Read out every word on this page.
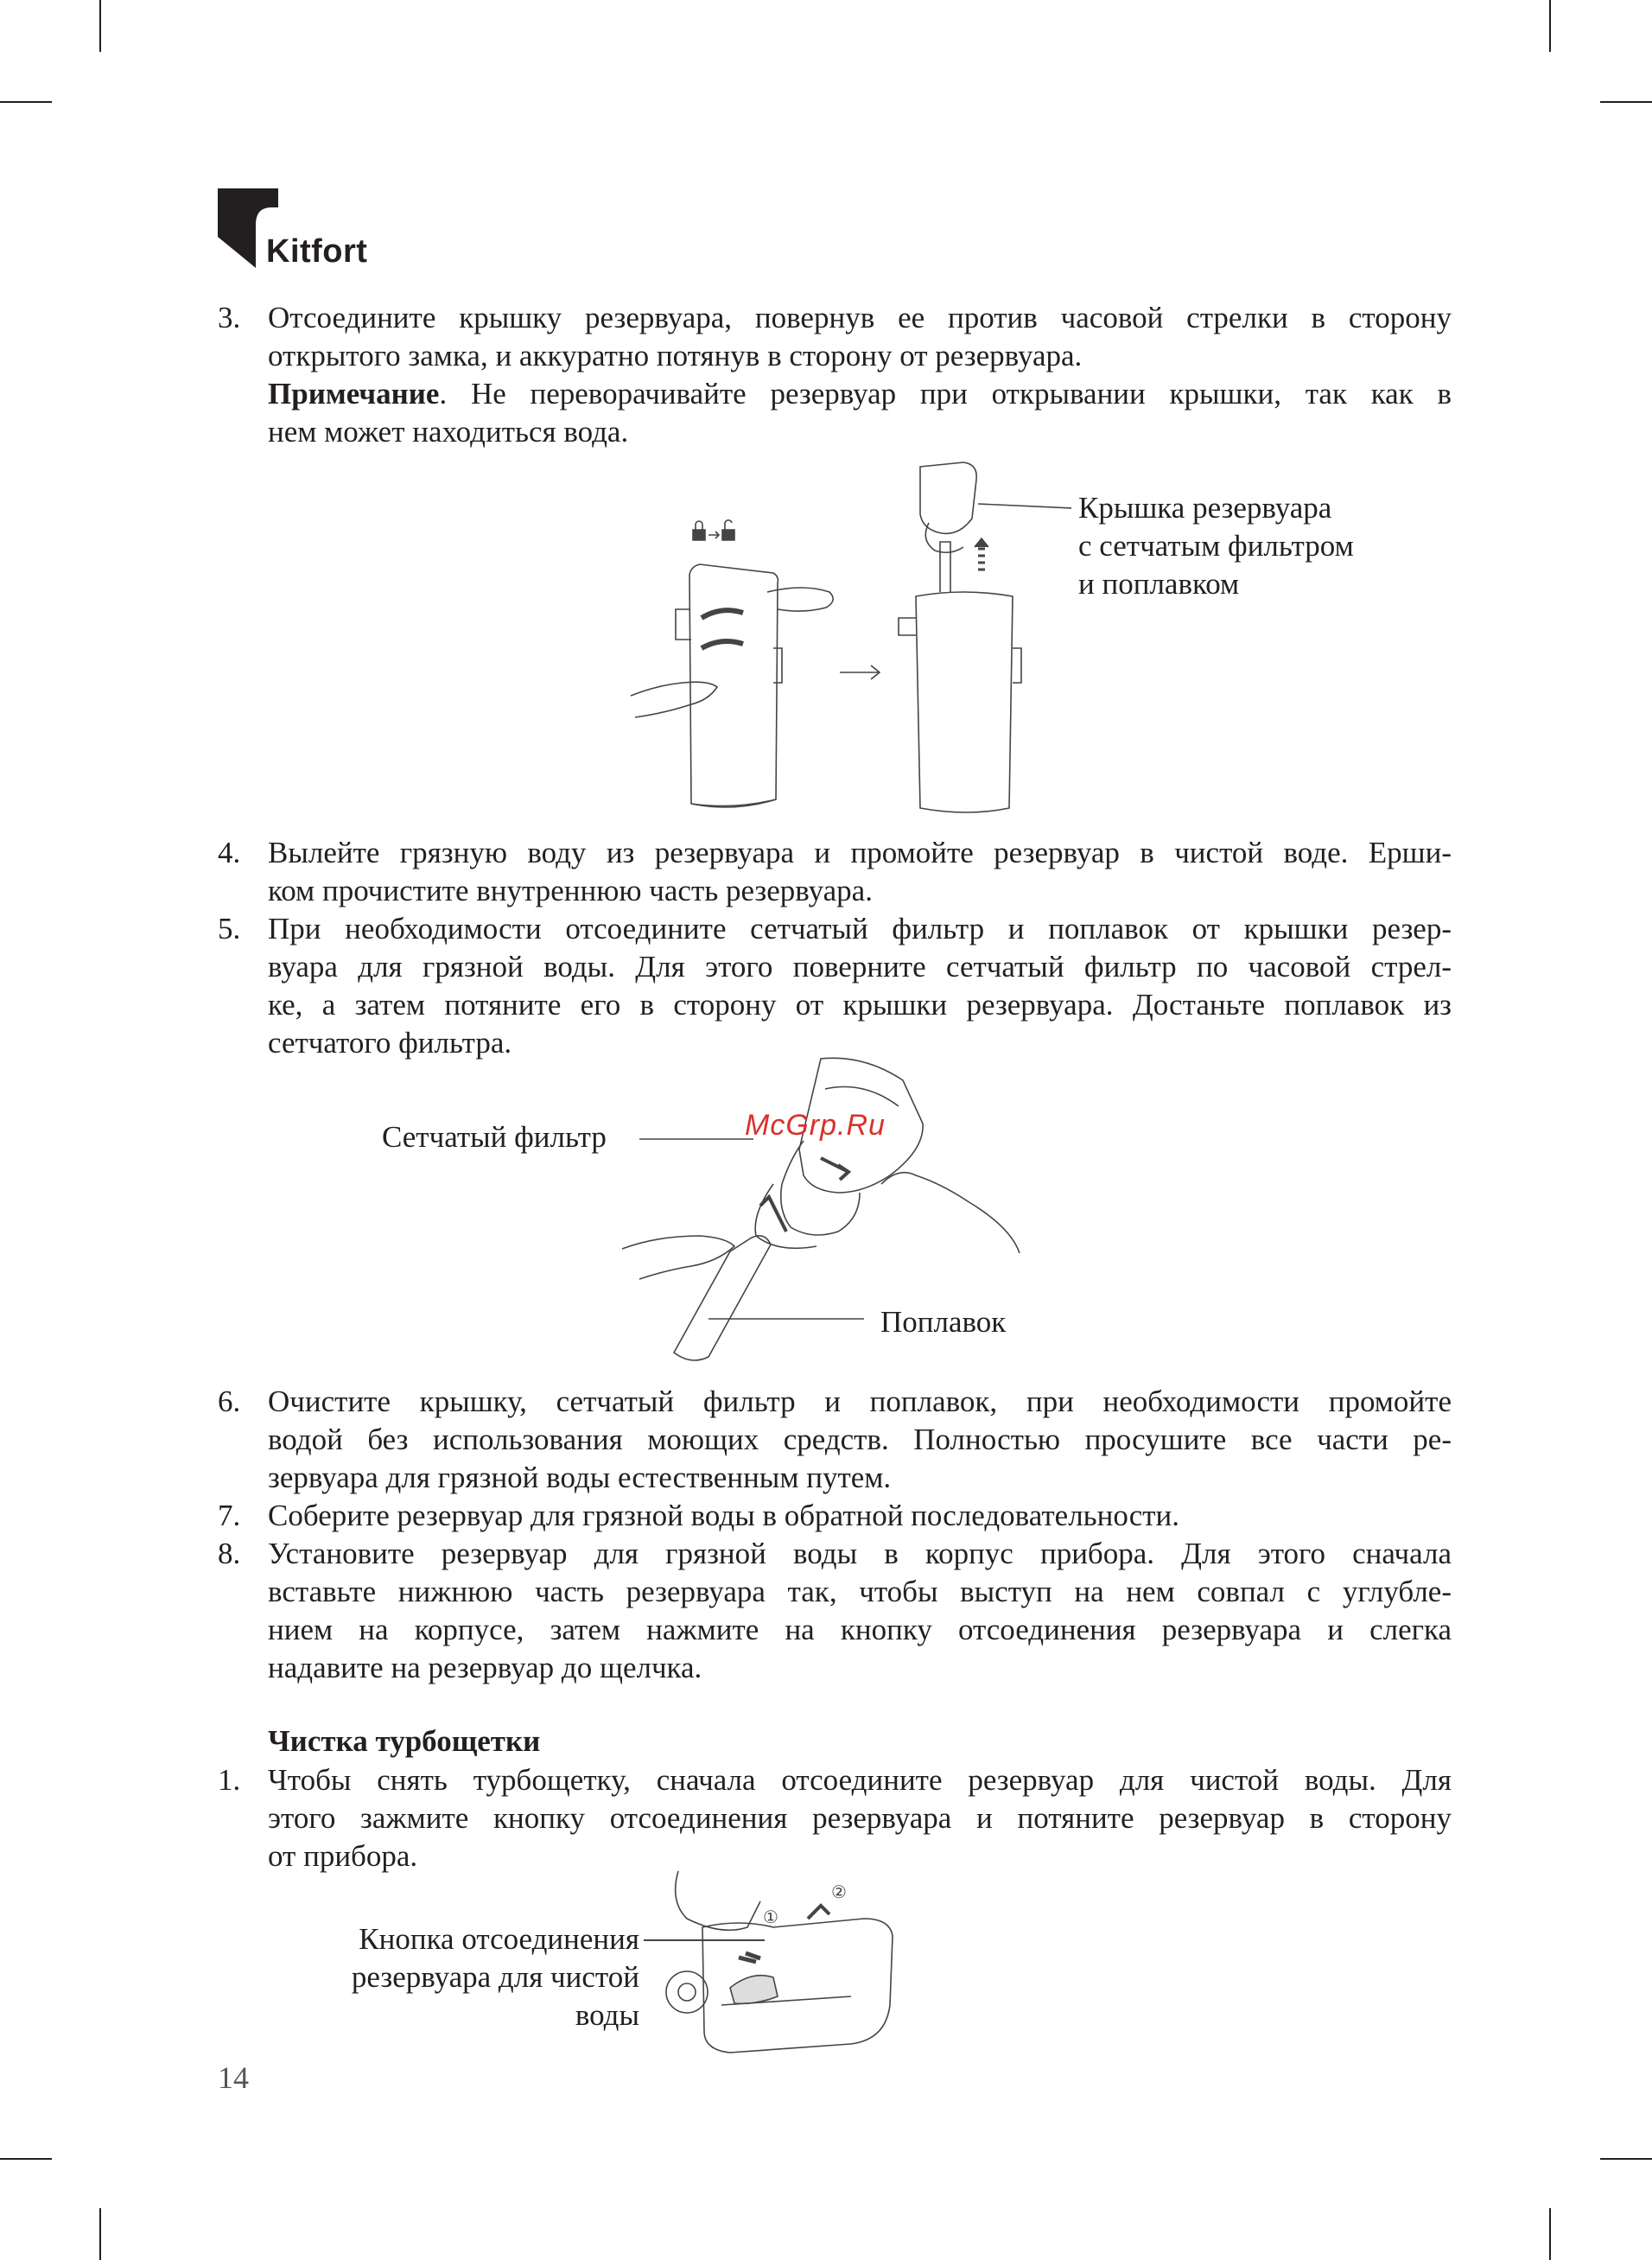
Kitfort
3. Отсоедините крышку резервуара, повернув ее против часовой стрелки в сторону
открытого замка, и аккуратно потянув в сторону от резервуара.
Примечание. Не переворачивайте резервуар при открывании крышки, так как в
нем может находиться вода.
Крышка резервуара
с сетчатым фильтром
и поплавком
4. Вылейте грязную воду из резервуара и промойте резервуар в чистой воде. Ерши-
ком прочистите внутреннюю часть резервуара.
5. При необходимости отсоедините сетчатый фильтр и поплавок от крышки резер-
вуара для грязной воды. Для этого поверните сетчатый фильтр по часовой стрел-
ке, а затем потяните его в сторону от крышки резервуара. Достаньте поплавок из
сетчатого фильтра.
Сетчатый фильтр
Поплавок
McGrp.Ru
6. Очистите крышку, сетчатый фильтр и поплавок, при необходимости промойте
водой без использования моющих средств. Полностью просушите все части ре-
зервуара для грязной воды естественным путем.
7. Соберите резервуар для грязной воды в обратной последовательности.
8. Установите резервуар для грязной воды в корпус прибора. Для этого сначала
вставьте нижнюю часть резервуара так, чтобы выступ на нем совпал с углубле-
нием на корпусе, затем нажмите на кнопку отсоединения резервуара и слегка
надавите на резервуар до щелчка.
Чистка турбощетки
1. Чтобы снять турбощетку, сначала отсоедините резервуар для чистой воды. Для
этого зажмите кнопку отсоединения резервуара и потяните резервуар в сторону
от прибора.
①
②
Кнопка отсоединения
резервуара для чистой
воды
14
